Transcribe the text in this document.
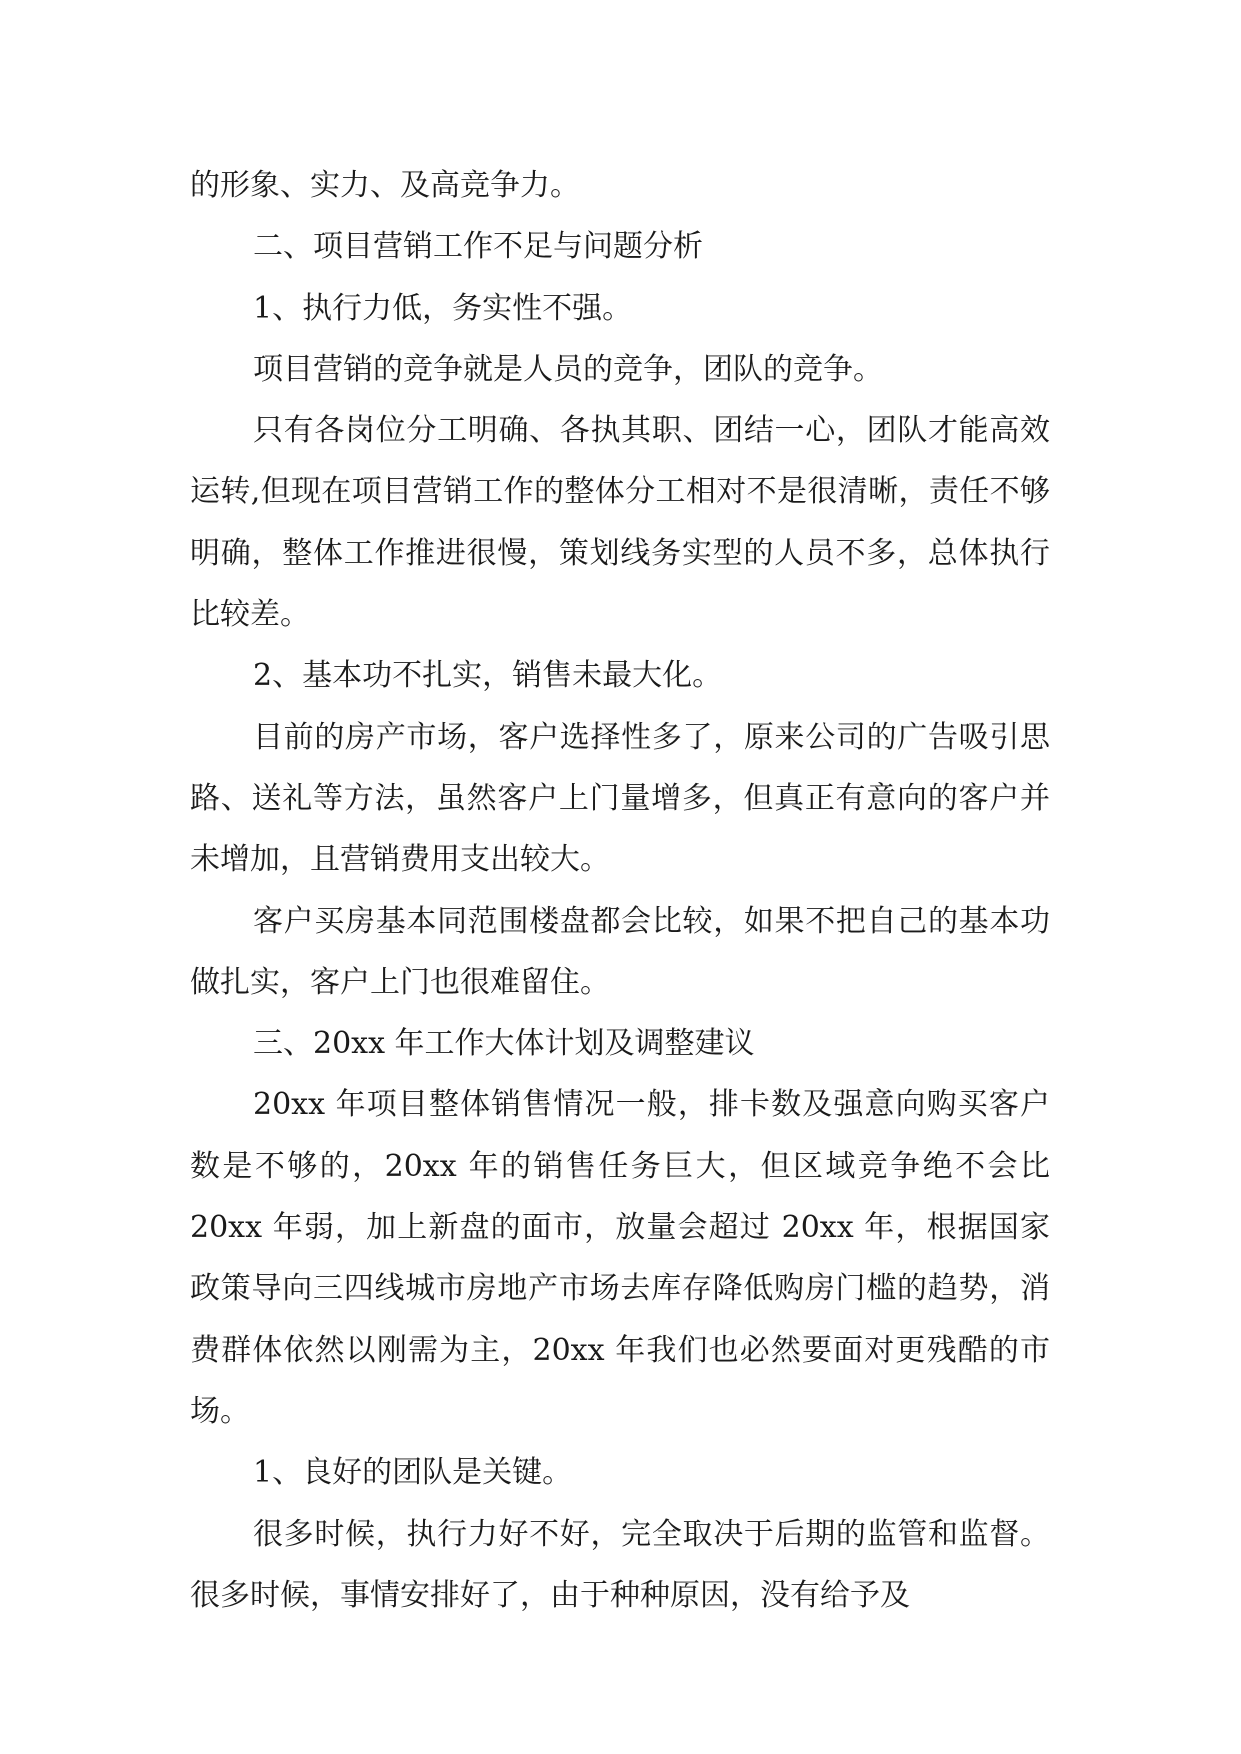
的形象、实力、及高竞争力。

二、项目营销工作不足与问题分析

1、执行力低，务实性不强。

项目营销的竞争就是人员的竞争，团队的竞争。

只有各岗位分工明确、各执其职、团结一心，团队才能高效运转,但现在项目营销工作的整体分工相对不是很清晰，责任不够明确，整体工作推进很慢，策划线务实型的人员不多，总体执行比较差。

2、基本功不扎实，销售未最大化。

目前的房产市场，客户选择性多了，原来公司的广告吸引思路、送礼等方法，虽然客户上门量增多，但真正有意向的客户并未增加，且营销费用支出较大。

客户买房基本同范围楼盘都会比较，如果不把自己的基本功做扎实，客户上门也很难留住。

三、20xx 年工作大体计划及调整建议

20xx 年项目整体销售情况一般，排卡数及强意向购买客户数是不够的，20xx 年的销售任务巨大，但区域竞争绝不会比 20xx 年弱，加上新盘的面市，放量会超过 20xx 年，根据国家政策导向三四线城市房地产市场去库存降低购房门槛的趋势，消费群体依然以刚需为主，20xx 年我们也必然要面对更残酷的市场。

1、良好的团队是关键。

很多时候，执行力好不好，完全取决于后期的监管和监督。很多时候，事情安排好了，由于种种原因，没有给予及
